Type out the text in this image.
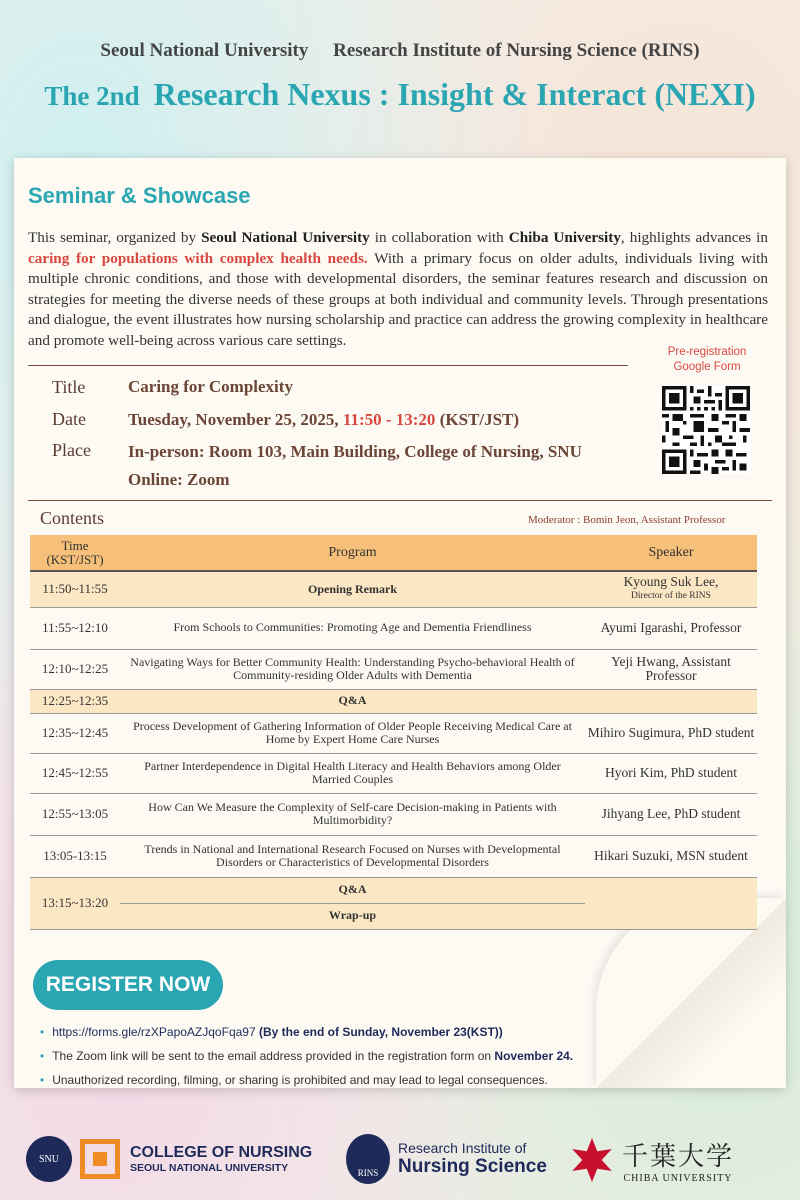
Seoul National University Research Institute of Nursing Science (RINS)
The 2nd Research Nexus : Insight & Interact (NEXI)
Seminar & Showcase
This seminar, organized by Seoul National University in collaboration with Chiba University, highlights advances in caring for populations with complex health needs. With a primary focus on older adults, individuals living with multiple chronic conditions, and those with developmental disorders, the seminar features research and discussion on strategies for meeting the diverse needs of these groups at both individual and community levels. Through presentations and dialogue, the event illustrates how nursing scholarship and practice can address the growing complexity in healthcare and promote well-being across various care settings.
Title	Caring for Complexity
Date Tuesday, November 25, 2025, 11:50 - 13:20 (KST/JST)
Place In-person: Room 103, Main Building, College of Nursing, SNU
Online: Zoom
Pre-registration
Google Form
Contents	Moderator : Bomin Jeon, Assistant Professor
Time
(KST/JST)	Program	Speaker
11:50~11:55	Opening Remark	Kyoung Suk Lee,
Director of the RINS

11:55~12:10	From Schools to Communities: Promoting Age and Dementia Friendliness	Ayumi Igarashi, Professor
12:10~12:25	Navigating Ways for Better Community Health: Understanding Psycho-behavioral Health of Community-residing Older Adults with Dementia	Yeji Hwang, Assistant Professor
12:25~12:35	Q&A	
12:35~12:45	Process Development of Gathering Information of Older People Receiving Medical Care at Home by Expert Home Care Nurses	Mihiro Sugimura, PhD student
12:45~12:55	Partner Interdependence in Digital Health Literacy and Health Behaviors among Older Married Couples	Hyori Kim, PhD student
12:55~13:05	How Can We Measure the Complexity of Self-care Decision-making in Patients with Multimorbidity?	Jihyang Lee, PhD student
13:05-13:15	Trends in National and International Research Focused on Nurses with Developmental Disorders or Characteristics of Developmental Disorders	Hikari Suzuki, MSN student
13:15~13:20	Q&A	
	Wrap-up	
REGISTER NOW
• https://forms.gle/rzXPapoAZJqoFqa97 (By the end of Sunday, November 23(KST))
• The Zoom link will be sent to the email address provided in the registration form on November 24.
• Unauthorized recording, filming, or sharing is prohibited and may lead to legal consequences.
SNU	COLLEGE OF NURSING
SEOUL NATIONAL UNIVERSITY	RINS
Research Institute of
Nursing Science	千葉大学
CHIBA UNIVERSITY
